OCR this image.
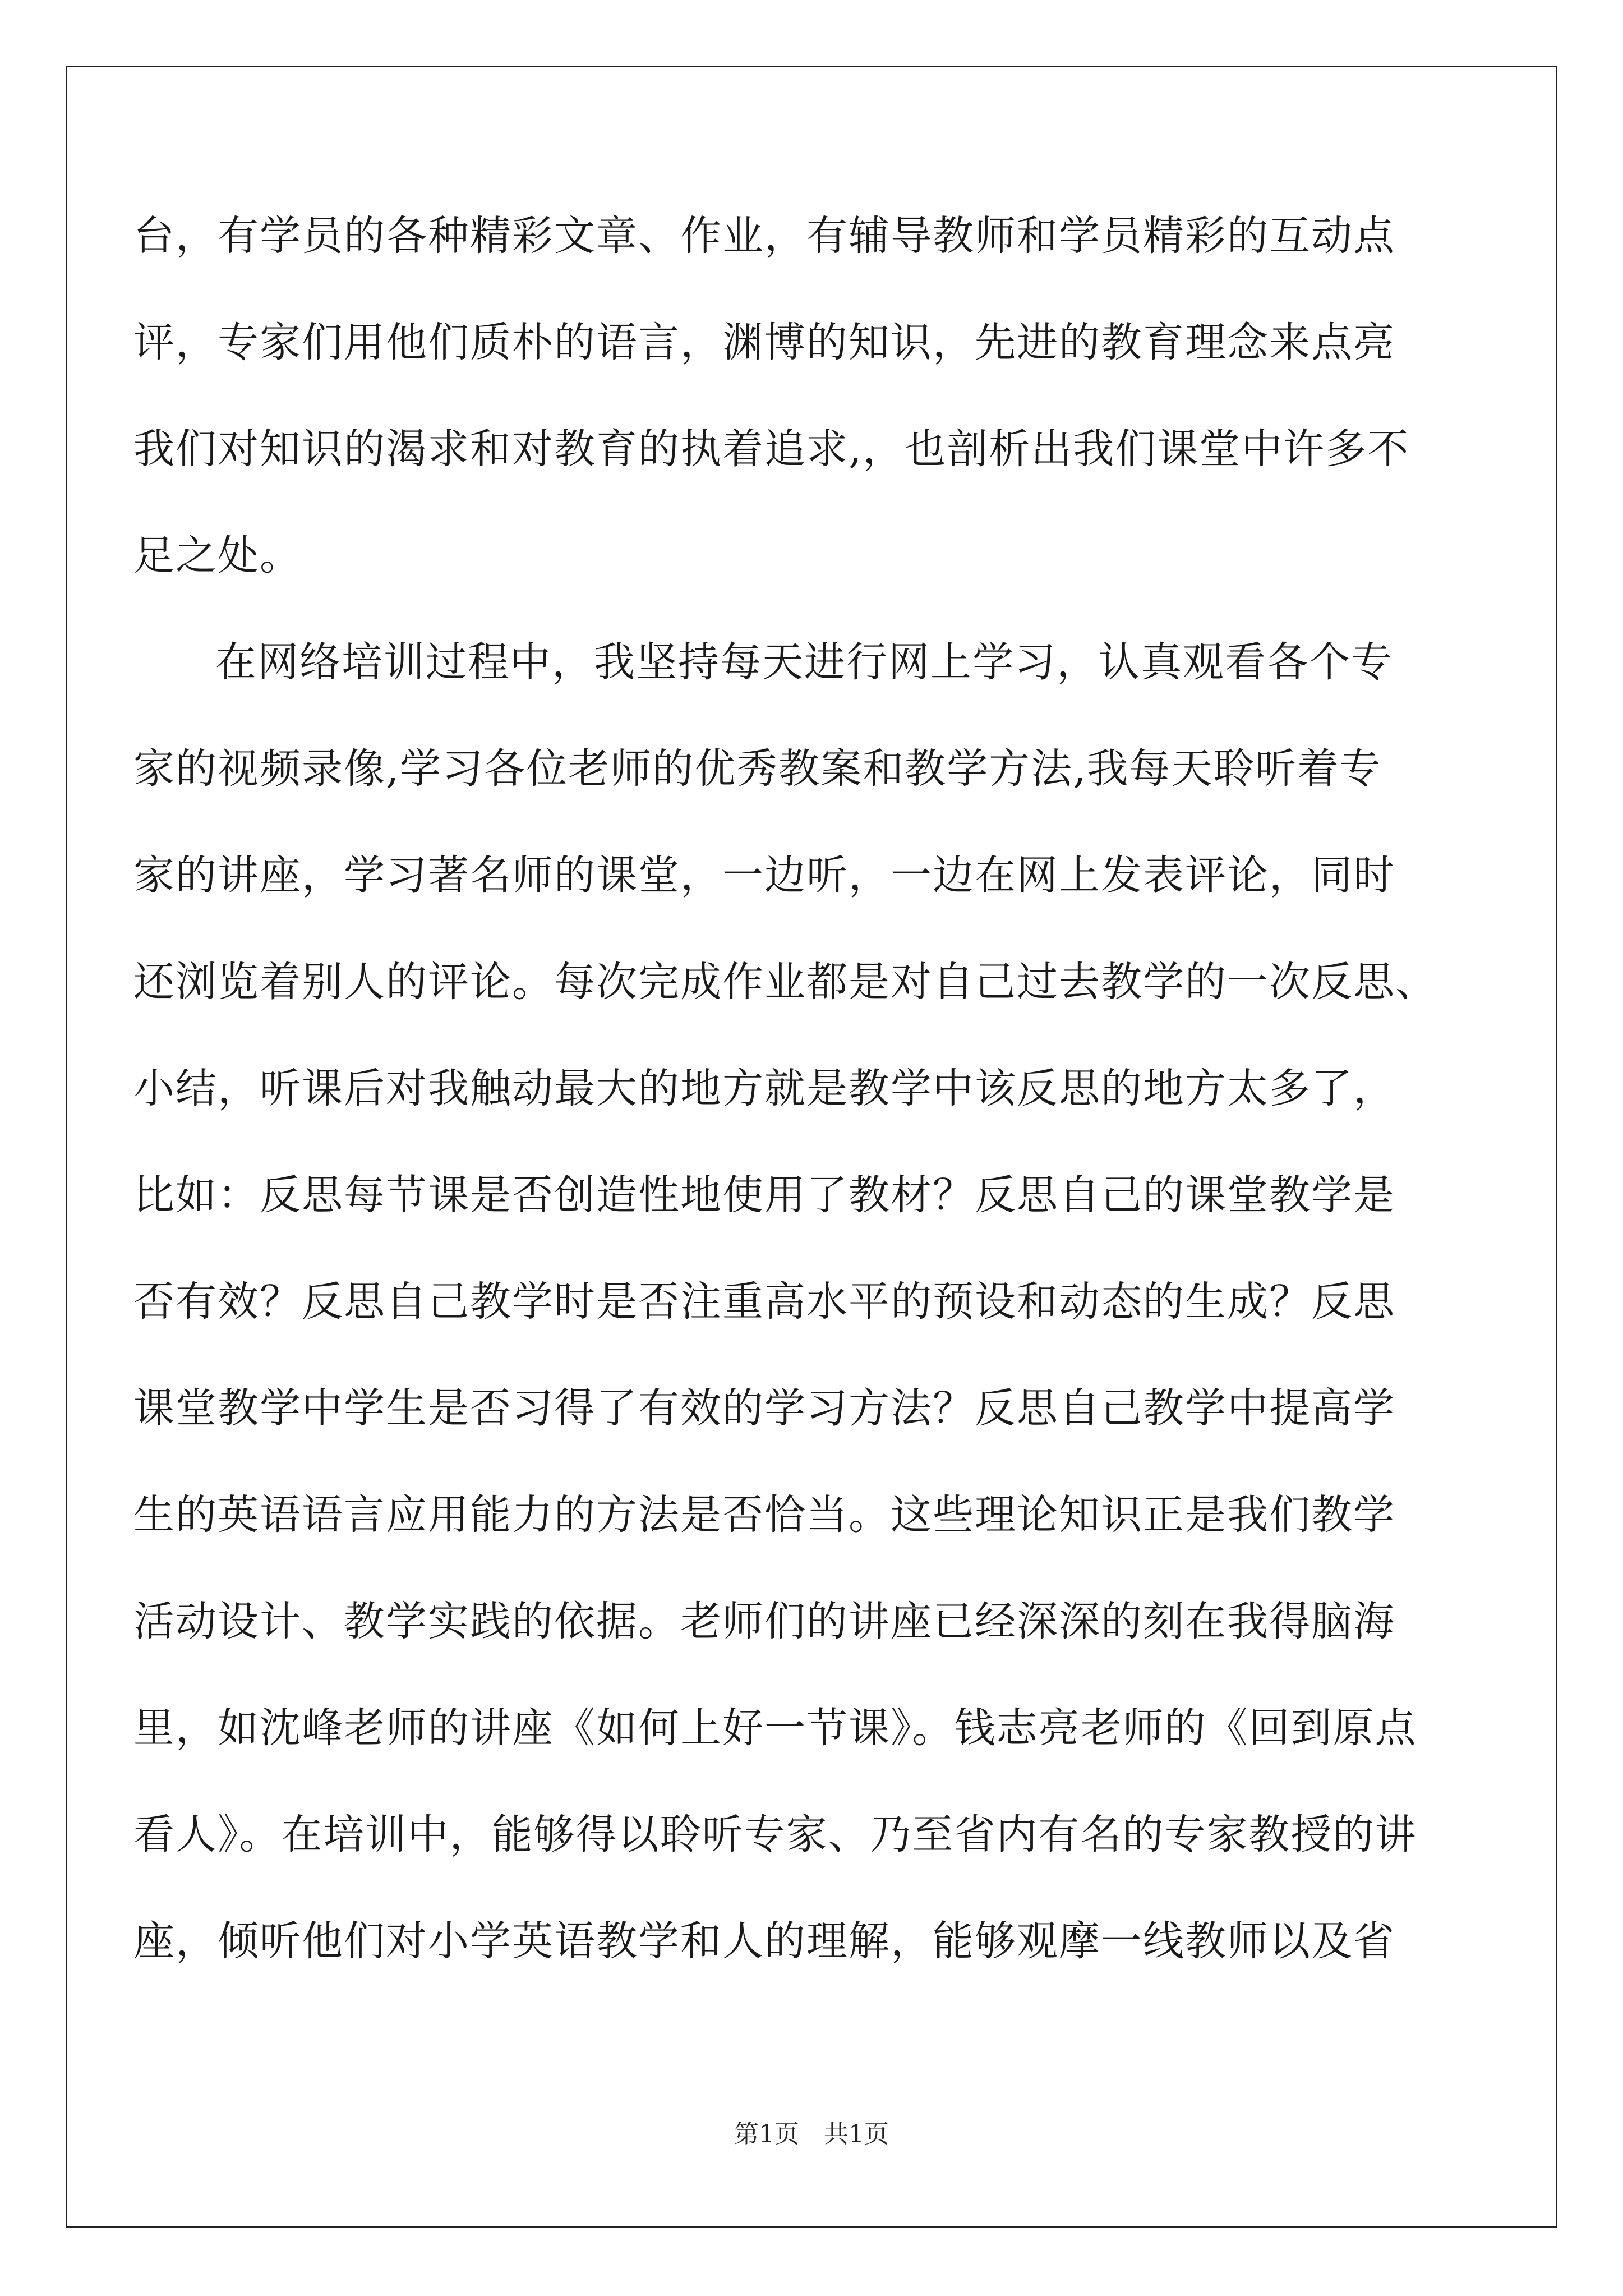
台，有学员的各种精彩文章、作业，有辅导教师和学员精彩的互动点
评，专家们用他们质朴的语言，渊博的知识，先进的教育理念来点亮
我们对知识的渴求和对教育的执着追求,，也剖析出我们课堂中许多不
足之处。
在网络培训过程中，我坚持每天进行网上学习，认真观看各个专
家的视频录像,学习各位老师的优秀教案和教学方法,我每天聆听着专
家的讲座，学习著名师的课堂，一边听，一边在网上发表评论，同时
还浏览着别人的评论。每次完成作业都是对自己过去教学的一次反思、
小结，听课后对我触动最大的地方就是教学中该反思的地方太多了，
比如：反思每节课是否创造性地使用了教材？反思自己的课堂教学是
否有效？反思自己教学时是否注重高水平的预设和动态的生成？反思
课堂教学中学生是否习得了有效的学习方法？反思自己教学中提高学
生的英语语言应用能力的方法是否恰当。这些理论知识正是我们教学
活动设计、教学实践的依据。老师们的讲座已经深深的刻在我得脑海
里，如沈峰老师的讲座《如何上好一节课》。钱志亮老师的《回到原点
看人》。在培训中，能够得以聆听专家、乃至省内有名的专家教授的讲
座，倾听他们对小学英语教学和人的理解，能够观摩一线教师以及省
第1页　共1页
